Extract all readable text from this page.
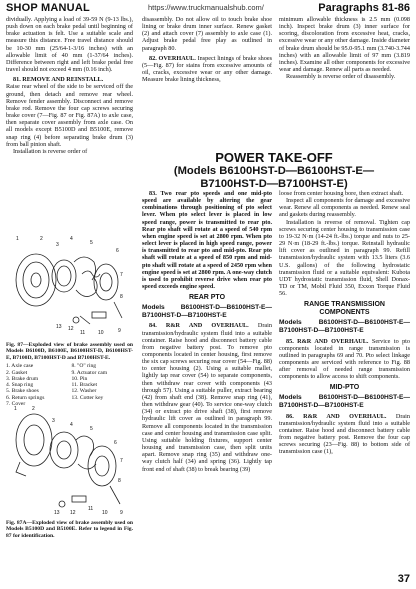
SHOP MANUAL	https://www.truckmanualshub.com/	Paragraphs 81-86

dividually. Applying a load of 39-59 N (9-13 lbs.), push down on each brake pedal until beginning of brake actuation is felt. Use a suitable scale and measure this distance. Free travel distance should be 10-30 mm (25/64-1-3/16 inches) with an allowable limit of 40 mm (1-37/64 inches). Difference between right and left brake pedal free travel should not exceed 4 mm (0.16 inch).

81. REMOVE AND REINSTALL.

Raise rear wheel of the side to be serviced off the ground, then detach and remove rear wheel. Remove fender assembly. Disconnect and remove brake rod. Remove the four cap screws securing brake cover (7—Fig. 87 or Fig. 87A) to axle case, then separate cover assembly from axle case. On all models except B5100D and B5100E, remove snap ring (4) before separating brake drum (3) from ball pinion shaft.

Installation is reverse order of

1	2
3
4
5
6
7
8
9
10
11
12
13
Fig. 87—Exploded view of brake assembly used on Models B6100D, B6100E, B6100HST-D, B6100HST-E, B7100D, B7100HST-D and B7100HST-E.
1. Axle case	8. "O" ring
2. Gasket	9. Actuator cam
3. Brake drum	10. Pin
4. Snap ring	11. Bracket
5. Brake shoes	12. Washer
6. Return springs	13. Cotter key
7. Cover
1	2
3
4
5
6
7
8
9
10
11
12
13
Fig. 87A—Exploded view of brake assembly used on Models B5100D and B5100E. Refer to legend in Fig. 87 for identification.

disassembly. Do not allow oil to touch brake shoe lining or brake drum inner surface. Renew gasket (2) and attach cover (7) assembly to axle case (1). Adjust brake pedal free play as outlined in paragraph 80.

82. OVERHAUL. Inspect linings of brake shoes (5—Fig. 87) for stains from excessive amounts of oil, cracks, excessive wear or any other damage. Measure brake lining thickness,

minimum allowable thickness is 2.5 mm (0.098 inch). Inspect brake drum (3) inner surface for scoring, discoloration from excessive heat, cracks, excessive wear or any other damage. Inside diameter of brake drum should be 95.0-95.1 mm (3.740-3.744 inches) with an allowable limit of 97 mm (3.819 inches). Examine all other components for excessive wear and damage. Renew all parts as needed.

Reassembly is reverse order of disassembly.

POWER TAKE-OFF
(Models B6100HST-D—B6100HST-E—
B7100HST-D—B7100HST-E)

83. Two rear pto speeds and one mid-pto speed are available by altering the gear combinations through positioning of pto select lever. When pto select lever is placed in low speed range, power is transmitted to rear pto. Rear pto shaft will rotate at a speed of 540 rpm when engine speed is set at 2800 rpm. When pto select lever is placed in high speed range, power is transmitted to rear pto and mid-pto. Rear pto shaft will rotate at a speed of 850 rpm and mid-pto shaft will rotate at a speed of 2450 rpm when engine speed is set at 2800 rpm. A one-way clutch is used to prohibit reverse drive when rear pto speed exceeds engine speed.

REAR PTO
Models B6100HST-D—B6100HST-E—B7100HST-D—B7100HST-E

84. R&R AND OVERHAUL. Drain transmission/hydraulic system fluid into a suitable container. Raise hood and disconnect battery cable from negative battery post. To remove pto components located in center housing, first remove the six cap screws securing rear cover (54—Fig. 88) to center housing (2). Using a suitable mallet, lightly tap rear cover (54) to separate components, then withdraw rear cover with components (43 through 57). Using a suitable puller, extract bearing (42) from shaft end (38). Remove snap ring (41), then withdraw gear (40). To service one-way clutch (34) or extract pto drive shaft (38), first remove hydraulic lift cover as outlined in paragraph 99. Remove all components located in the transmission case and center housing and transmission case split. Using suitable holding fixtures, support center housing and transmission case, then split units apart. Remove snap ring (35) and withdraw one-way clutch half (34) and spring (36). Lightly tap front end of shaft (38) to break bearing (39)

loose from center housing bore, then extract shaft.

Inspect all components for damage and excessive wear. Renew all components as needed. Renew seal and gaskets during reassembly.

Installation is reverse of removal. Tighten cap screws securing center housing to transmission case to 19-32 N·m (14-24 ft.-lbs.) torque and nuts to 25-29 N·m (18-29 ft.-lbs.) torque. Reinstall hydraulic lift cover as outlined in paragraph 99. Refill transmission/hydraulic system with 13.5 liters (3.6 U.S. gallons) of the following hydrostatic transmission fluid or a suitable equivalent: Kubota UDT hydrostatic transmission fluid, Shell Donax-TD or TM, Mobil Fluid 350, Exxon Torque Fluid 56.

RANGE TRANSMISSION COMPONENTS
Models B6100HST-D—B6100HST-E—B7100HST-D—B7100HST-E

85. R&R AND OVERHAUL. Service to pto components located in range transmission is outlined in paragraphs 69 and 70. Pto select linkage components are serviced with reference to Fig. 88 after removal of needed range transmission components to allow access to shift components.

MID-PTO
Models B6100HST-D—B6100HST-E—B7100HST-D—B7100HST-E

86. R&R AND OVERHAUL. Drain transmission/hydraulic system fluid into a suitable container. Raise hood and disconnect battery cable from negative battery post. Remove the four cap screws securing (23—Fig. 88) to bottom side of transmission case (1),

37
